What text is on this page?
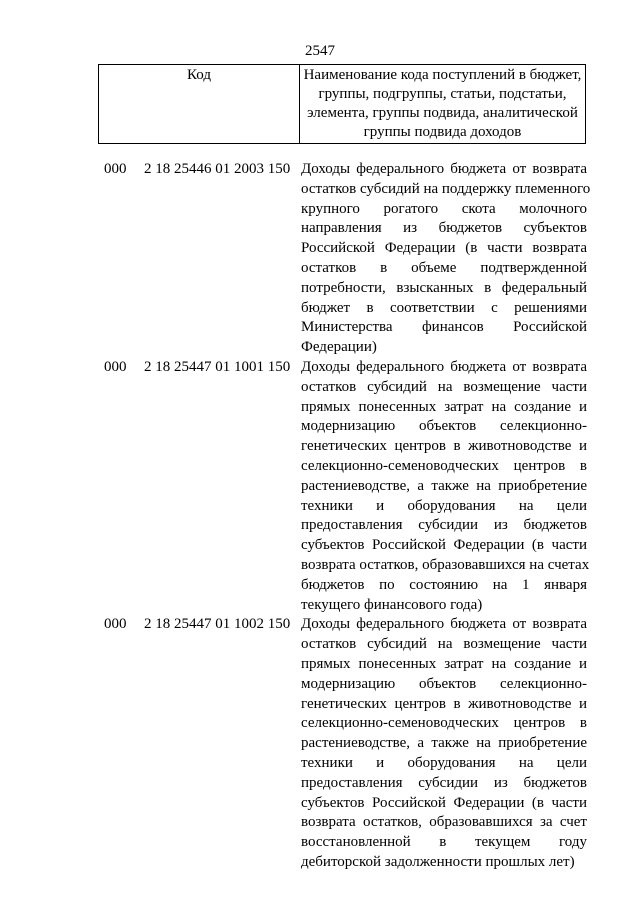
2547
Код	Наименование кода поступлений в бюджет, группы, подгруппы, статьи, подстатьи, элемента, группы подвида, аналитической группы подвида доходов
000 2 18 25446 01 2003 150 Доходы федерального бюджета от возврата
остатков субсидий на поддержку племенного
крупного рогатого скота молочного
направления из бюджетов субъектов
Российской Федерации (в части возврата
остатков в объеме подтвержденной
потребности, взысканных в федеральный
бюджет в соответствии с решениями
Министерства финансов Российской
Федерации)
000 2 18 25447 01 1001 150 Доходы федерального бюджета от возврата
остатков субсидий на возмещение части
прямых понесенных затрат на создание и
модернизацию объектов селекционно-
генетических центров в животноводстве и
селекционно-семеноводческих центров в
растениеводстве, а также на приобретение
техники и оборудования на цели
предоставления субсидии из бюджетов
субъектов Российской Федерации (в части
возврата остатков, образовавшихся на счетах
бюджетов по состоянию на 1 января
текущего финансового года)
000 2 18 25447 01 1002 150 Доходы федерального бюджета от возврата
остатков субсидий на возмещение части
прямых понесенных затрат на создание и
модернизацию объектов селекционно-
генетических центров в животноводстве и
селекционно-семеноводческих центров в
растениеводстве, а также на приобретение
техники и оборудования на цели
предоставления субсидии из бюджетов
субъектов Российской Федерации (в части
возврата остатков, образовавшихся за счет
восстановленной в текущем году
дебиторской задолженности прошлых лет)
